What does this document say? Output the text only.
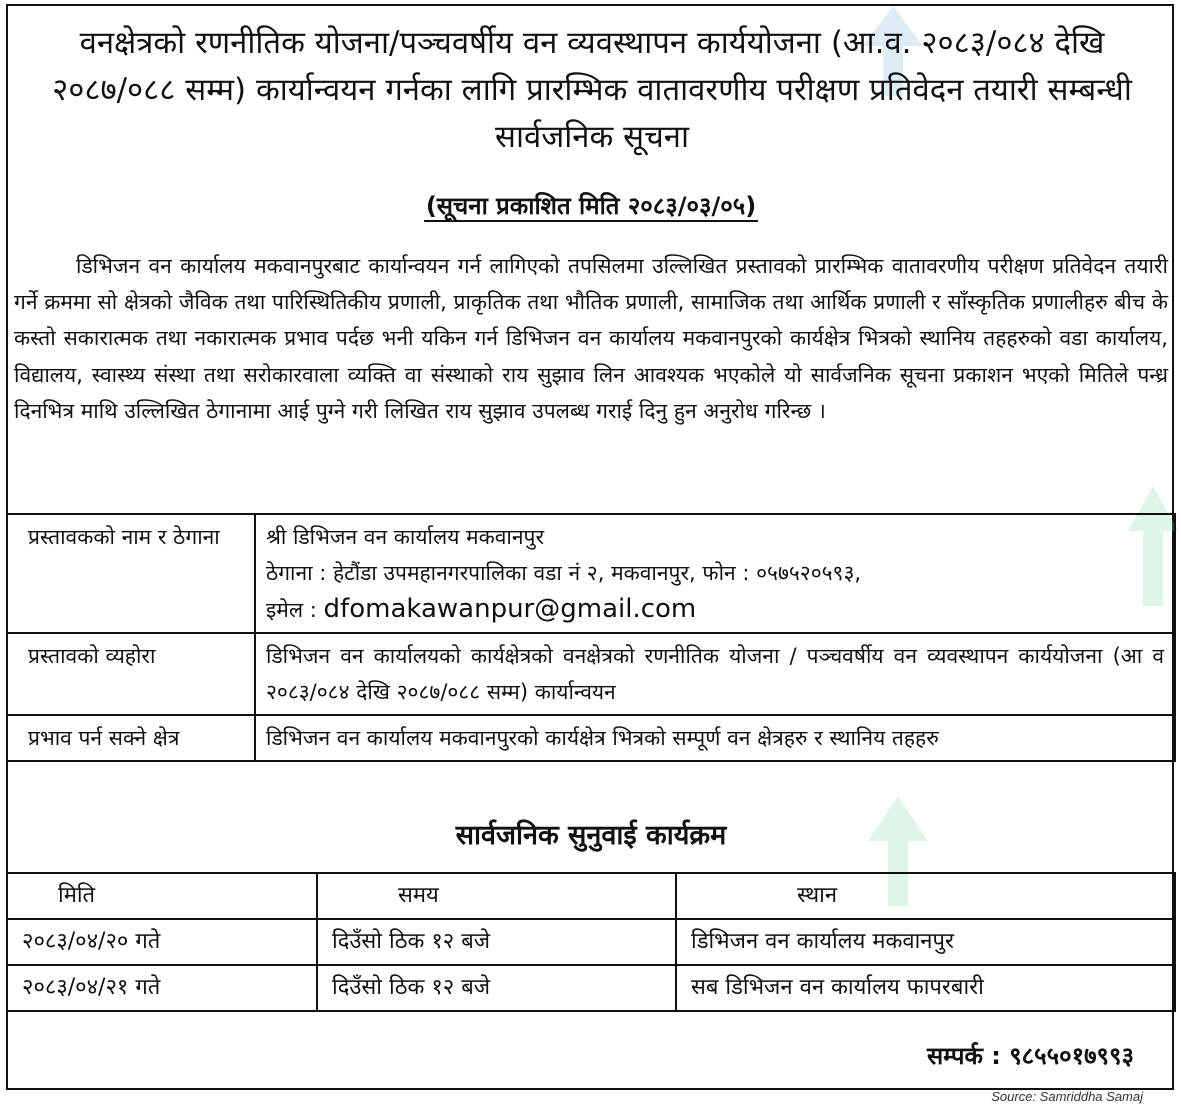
वनक्षेत्रको रणनीतिक योजना/पञ्चवर्षीय वन व्यवस्थापन कार्ययोजना (आ.व. २०८३/०८४ देखि २०८७/०८८ सम्म) कार्यान्वयन गर्नका लागि प्रारम्भिक वातावरणीय परीक्षण प्रतिवेदन तयारी सम्बन्धी सार्वजनिक सूचना
(सूचना प्रकाशित मिति २०८३/०३/०५)
डिभिजन वन कार्यालय मकवानपुरबाट कार्यान्वयन गर्न लागिएको तपसिलमा उल्लिखित प्रस्तावको प्रारम्भिक वातावरणीय परीक्षण प्रतिवेदन तयारी गर्ने क्रममा सो क्षेत्रको जैविक तथा पारिस्थितिकीय प्रणाली, प्राकृतिक तथा भौतिक प्रणाली, सामाजिक तथा आर्थिक प्रणाली र साँस्कृतिक प्रणालीहरु बीच के कस्तो सकारात्मक तथा नकारात्मक प्रभाव पर्दछ भनी यकिन गर्न डिभिजन वन कार्यालय मकवानपुरको कार्यक्षेत्र भित्रको स्थानिय तहहरुको वडा कार्यालय, विद्यालय, स्वास्थ्य संस्था तथा सरोकारवाला व्यक्ति वा संस्थाको राय सुझाव लिन आवश्यक भएकोले यो सार्वजनिक सूचना प्रकाशन भएको मितिले पन्ध्र दिनभित्र माथि उल्लिखित ठेगानामा आई पुग्ने गरी लिखित राय सुझाव उपलब्ध गराई दिनु हुन अनुरोध गरिन्छ ।
प्रस्तावकको नाम र ठेगाना	श्री डिभिजन वन कार्यालय मकवानपुर
ठेगाना : हेटौंडा उपमहानगरपालिका वडा नं २, मकवानपुर, फोन : ०५७५२०५९३,
इमेल : dfomakawanpur@gmail.com

प्रस्तावको व्यहोरा	डिभिजन वन कार्यालयको कार्यक्षेत्रको वनक्षेत्रको रणनीतिक योजना / पञ्चवर्षीय वन व्यवस्थापन कार्ययोजना (आ व २०८३/०८४ देखि २०८७/०८८ सम्म) कार्यान्वयन
प्रभाव पर्न सक्ने क्षेत्र	डिभिजन वन कार्यालय मकवानपुरको कार्यक्षेत्र भित्रको सम्पूर्ण वन क्षेत्रहरु र स्थानिय तहहरु
सार्वजनिक सुनुवाई कार्यक्रम
मिति	समय	स्थान
२०८३/०४/२० गते	दिउँसो ठिक १२ बजे	डिभिजन वन कार्यालय मकवानपुर
२०८३/०४/२१ गते	दिउँसो ठिक १२ बजे	सब डिभिजन वन कार्यालय फापरबारी
सम्पर्क : ९८५५०१७९९३
Source: Samriddha Samaj
